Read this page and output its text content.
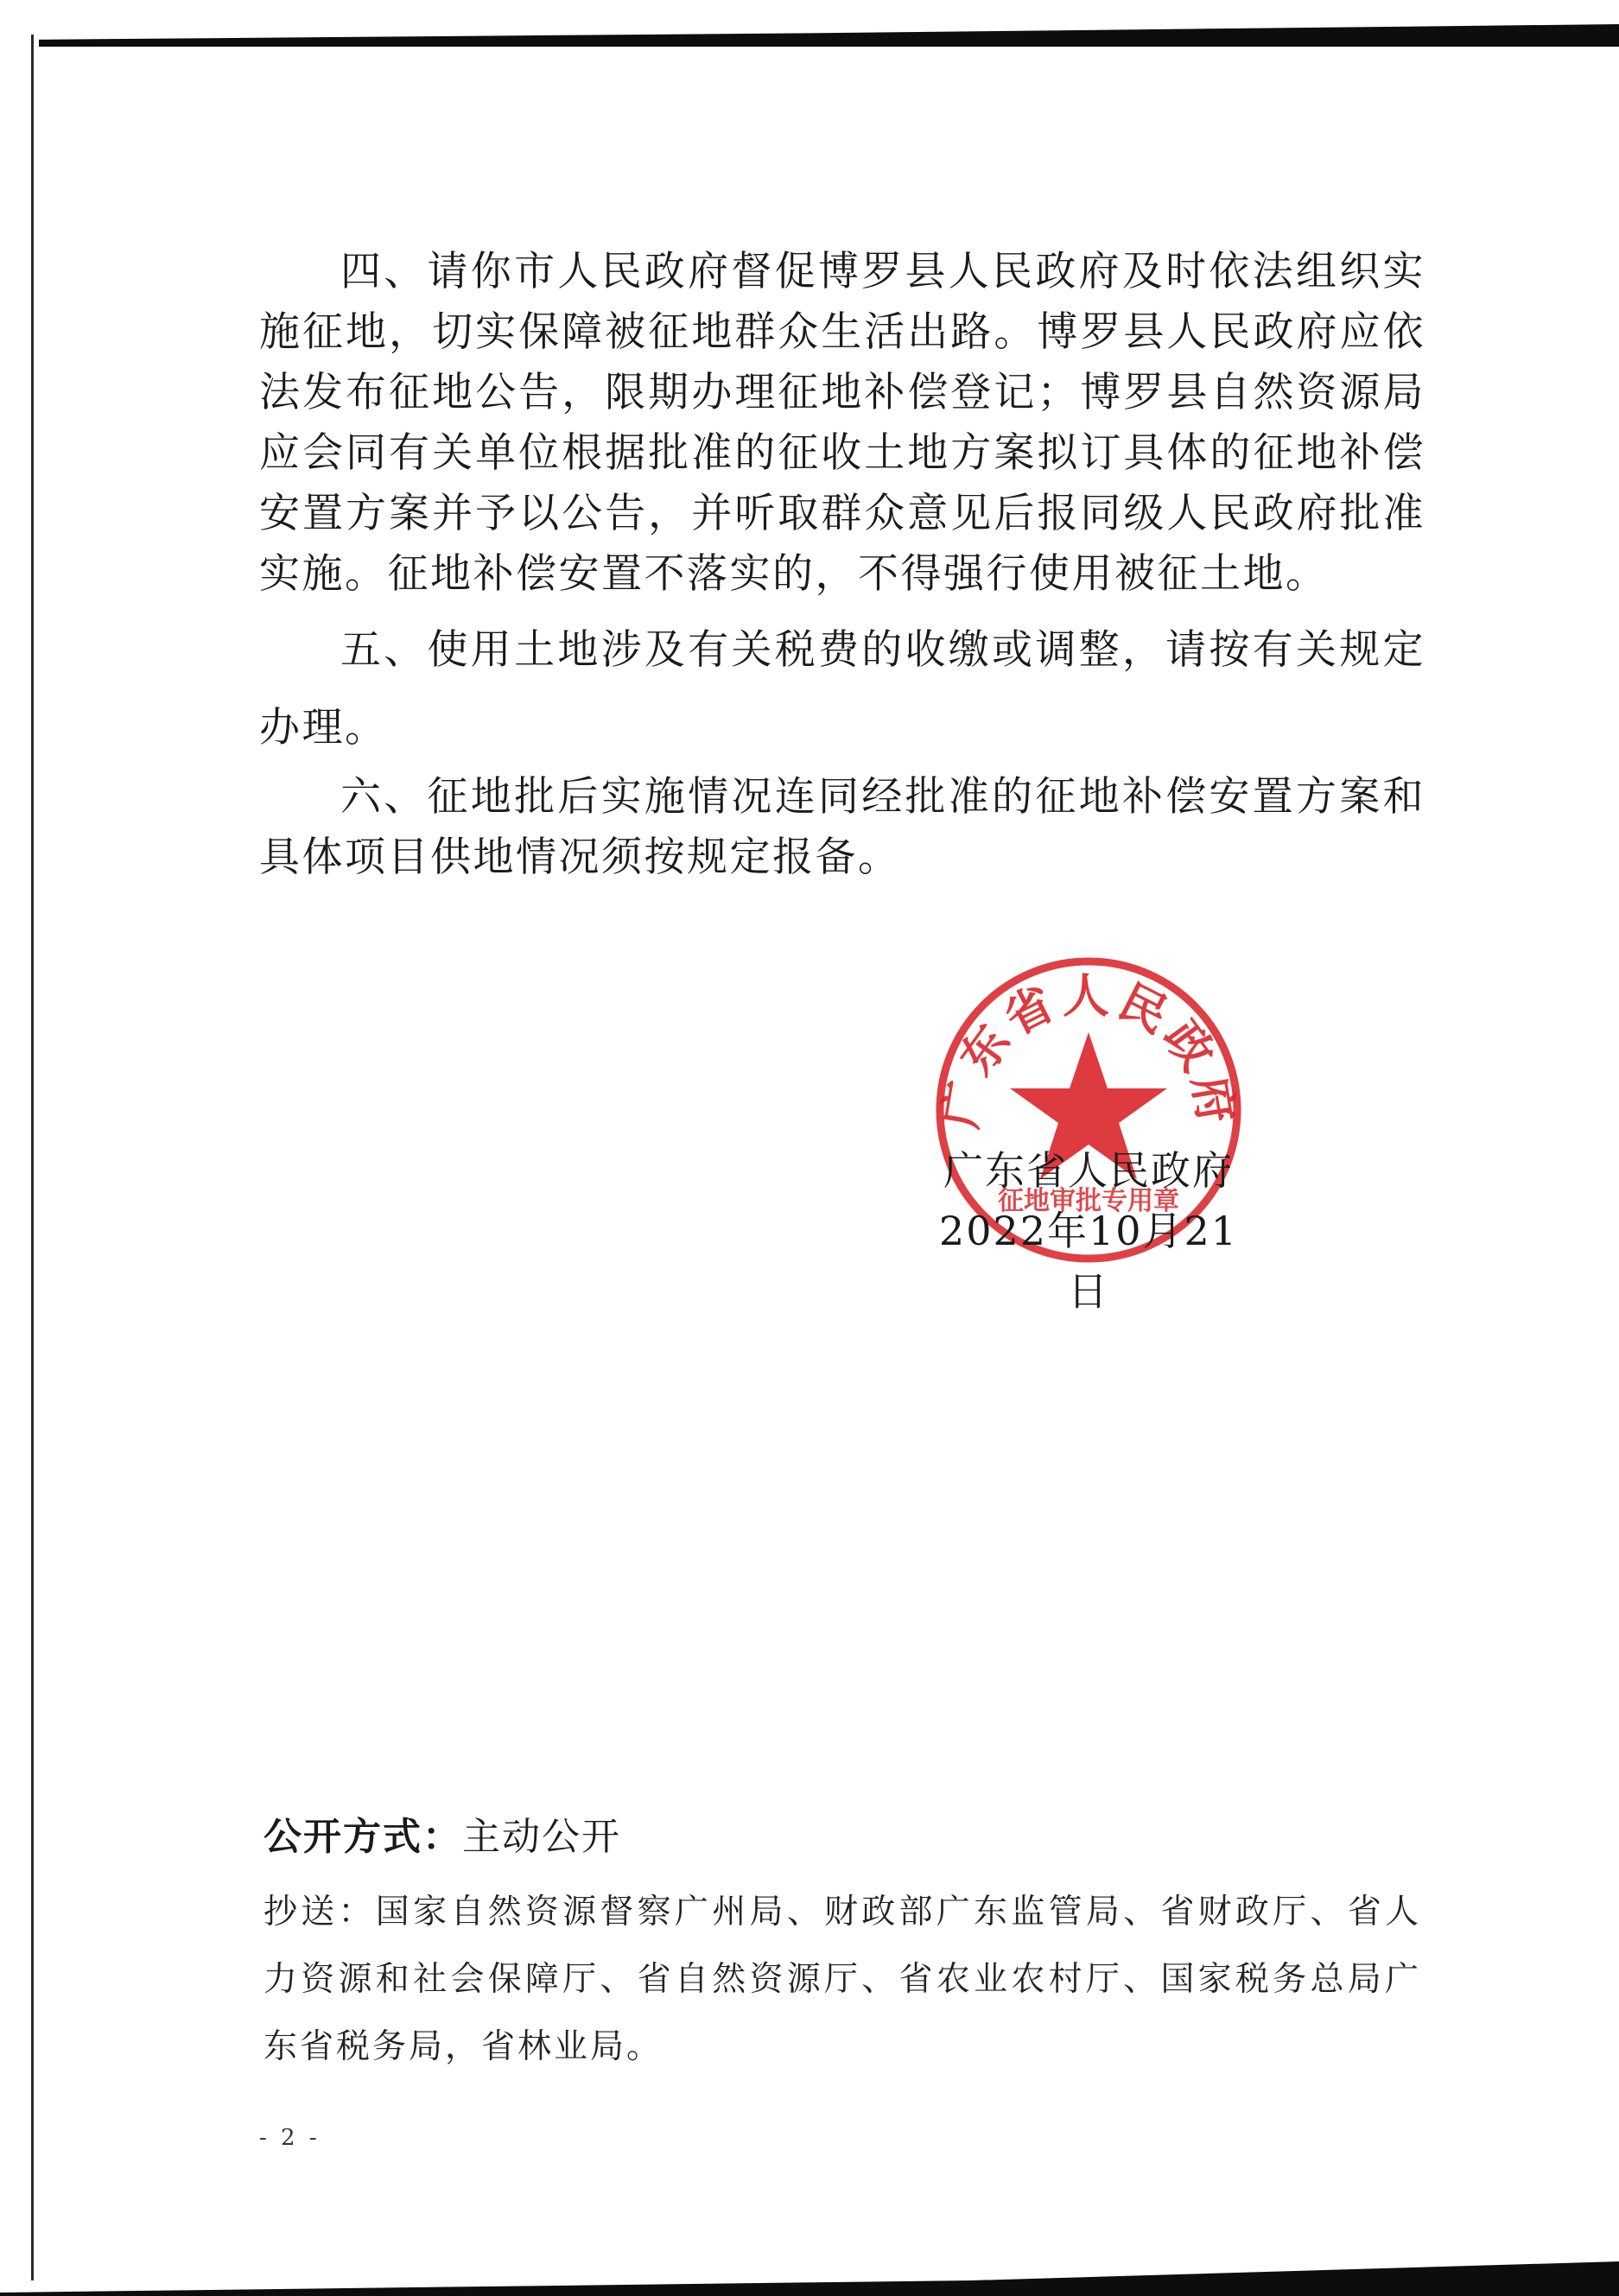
四、请你市人民政府督促博罗县人民政府及时依法组织实施征地，切实保障被征地群众生活出路。博罗县人民政府应依法发布征地公告，限期办理征地补偿登记；博罗县自然资源局应会同有关单位根据批准的征收土地方案拟订具体的征地补偿安置方案并予以公告，并听取群众意见后报同级人民政府批准实施。征地补偿安置不落实的，不得强行使用被征土地。

五、使用土地涉及有关税费的收缴或调整，请按有关规定办理。

六、征地批后实施情况连同经批准的征地补偿安置方案和具体项目供地情况须按规定报备。

广东省人民政府
征地审批专用章
广东省人民政府
2022年10月21日
公开方式：主动公开
抄送：国家自然资源督察广州局、财政部广东监管局、省财政厅、省人力资源和社会保障厅、省自然资源厅、省农业农村厅、国家税务总局广东省税务局，省林业局。
- 2 -
